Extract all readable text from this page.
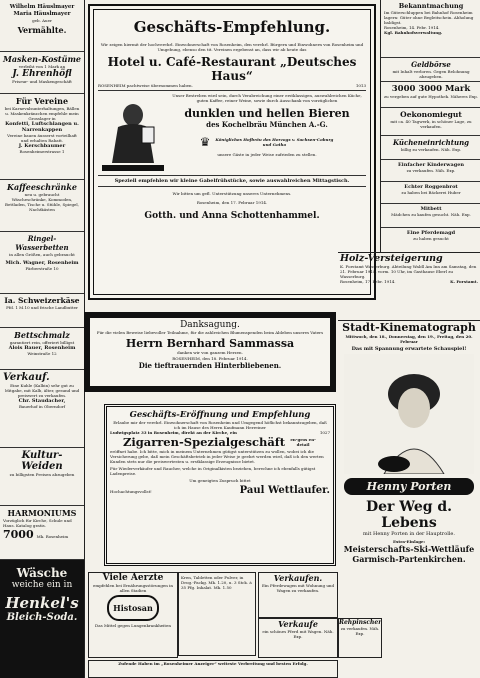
Wilhelm Häuslmayer
Maria Häuslmayer
geb. Auer
Vermählte.
Masken-Kostüme
verleiht von 1 Mark an
J. Ehrenhöfl
Friseur- und Maskengeschäft
Für Vereine
bei Karnevalsunterhaltungen, Bällen u. Maskenkränzchen empfehle mein Grosslager in
Konfetti, Luftschlangen u. Narrenkappen
Vereine bauen äusserst vorteilhaft und erhalten Rabatt.
J. Kerschbaumer
Rosenheimerstrasse 1
Kaffeeschränke
neu u. gebraucht
Wäscheschränke, Kommoden, Bettladen, Tische u. Stühle, Spiegel, Nachtkästen
Ringel-Wasserbetten
in allen Größen, auch gebraucht
Mich. Wagner, Rosenheim
Färberstraße 10
Ia. Schweizerkäse
Pfd. 1 M.10 und frische Landbutter
Bettschmalz
garantiert rein, offeriert billigst
Alois Bauer, Rosenheim
Weinstraße 12
Verkauf.
Eine Kuhle (Kalbin) sehr gut zu Mitgabe, mit Kalb, älter, gesund und preiswert zu verkaufen.
Chr. Staudacher,
Bauerhof in Oberndorf
Kultur-Weiden
zu billigsten Preisen abzugeben
HARMONIUMS
Vorzüglich für Kirche, Schule und Haus. Katalog gratis.
7000 Mk. Rosenheim
Wäsche
weiche ein in
Henkel's
Bleich-Soda.
Geschäfts-Empfehlung.
Wir zeigen hiermit der hochverehrl. Einwohnerschaft von Rosenheim, den verehrl. Bürgern und Einwohnern von Rosenheim und Umgebung, ebenso den tit. Vereinen ergebenst an, dass wir ab heute das
Hotel u. Café-Restaurant „Deutsches Haus“
ROSENHEIM pachtweise übernommen haben.	1013
Unser Bestreben wird sein, durch Verabreichung einer erstklassigen, auswahlreichen Küche, guten Kaffee, reiner Weine, sowie durch Ausschank von vorzüglichen
dunklen und hellen Bieren
des Kochelbräu München A.-G.
♛ Königliches Hofbräu des Herzogs v. Sachsen-Coburg und Gotha
unsere Gäste in jeder Weise zufrieden zu stellen.
Speziell empfehlen wir kleine Gabelfrühstücke, sowie auswahlreichen Mittagstisch.
Wir bitten um gefl. Unterstützung unseres Unternehmens.
Rosenheim, den 17. Februar 1914.
Gotth. und Anna Schottenhammel.
Danksagung.
Für die vielen Beweise liebevoller Teilnahme, für die zahlreichen Blumenspenden beim Ableben unseres Vaters
Herrn Bernhard Sammassa
danken wir von ganzem Herzen.
ROSENHEIM, den 18. Februar 1914.
Die tieftrauernden Hinterbliebenen.
Geschäfts-Eröffnung und Empfehlung
Erlaube mir der verehrl. Einwohnerschaft von Rosenheim und Umgegend höflichst bekanntzugeben, daß ich im Hause des Herrn Kaufmann Herreiner
Ludwigsplatz 33 in Rosenheim, direkt an der Kirche, ein	1027
Zigarren-Spezialgeschäft	en-gros en-detail
eröffnet habe. Ich bitte, mich in meinem Unternehmen gütigst unterstützen zu wollen, wobei ich die Versicherung gebe, daß mein Geschäftsbetrieb in jeder Weise je geehrt werden wird, daß ich den werten Kunden stets nur die preiswertesten u. erstklassige Erzeugnisse bietet.
Für Wiederverkäufer und Raucher, welche in Originalkisten beziehen, berechne ich ebenfalls gütigst Ladenpreise.
Um geneigten Zuspruch bittet
Hochachtungsvollst!	Paul Wettlaufer.
Viele Aerzte
empfehlen bei Ernährungsstörungen in allen Stadien
Histosan
Das Mittel gegen Lungenkrankheiten
Kren, Tabletten oder Pulver, in Drog.-Packg. Mk. 1.20, u. 3 Stck. à 35 Pfg. Inhalat. Mk. 1.50
Verkaufen.
Ein Pferdewagen mit Wohnung und Wagen zu verkaufen.
Verkaufe
ein schönes Pferd mit Wagen. Näh. Exp.
Rehpinscher
zu verkaufen. Näh. Exp.
Zufende Haben im „Rosenheimer Anzeiger“ weiteste Verbreitung und besten Erfolg.
Holz-Versteigerung
K. Forstamt Wasserburg. Abteilung Waldl Am Inn am Samstag, den 21. Februar 1914, vorm. 10 Uhr, im Gasthause Eberl zu Wasserburg.
Rosenheim, 17. Febr. 1914.	K. Forstamt.
Stadt-Kinematograph
Mittwoch, den 18., Donnerstag, den 19., Freitag, den 20. Februar
Das mit Spannung erwartete Schauspiel!
Henny Porten
Der Weg d. Lebens
mit Henny Porten in der Hauptrolle.
Extra-Einlage:
Meisterschafts-Ski-Wettläufe
Garmisch-Partenkirchen.
Bekanntmachung
Im Güterschluppen bei Bahnhof Rosenheim lagern: Güter ohne Begleitschein. Abholung baldigst.
Rosenheim, 14. Febr. 1914.
Kgl. Bahnhofsverwaltung.
Geldbörse
mit Inhalt verloren. Gegen Belohnung abzugeben.
3000 3000 Mark
zu vergeben auf gute Hypothek. Näheres Exp.
Oekonomiegut
mit ca. 40 Tagwerk, in schöner Lage, zu verkaufen.
Kücheneinrichtung
billig zu verkaufen. Näh. Exp.
Einfacher Kinderwagen
zu verkaufen. Näh. Exp.
Echter Roggenbrot
zu haben bei Bäckerei Huber
Mitbett
Mädchen zu kaufen gesucht. Näh. Exp.
Eine Pferdemagd
zu haben gesucht
